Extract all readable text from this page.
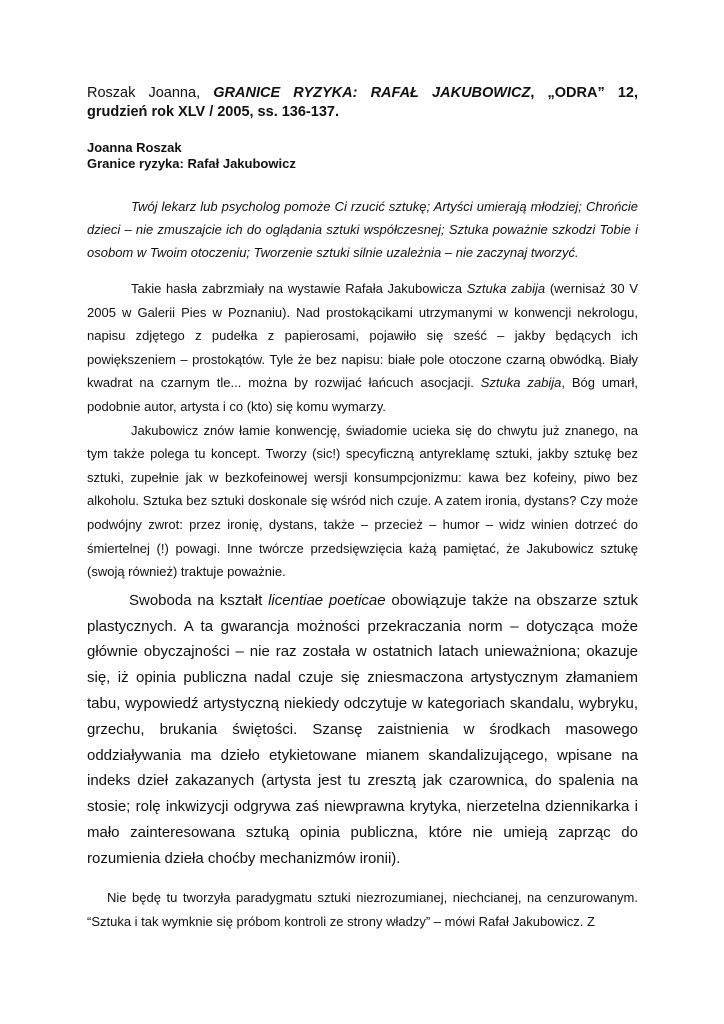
Roszak Joanna, GRANICE RYZYKA: RAFAŁ JAKUBOWICZ, „ODRA” 12, grudzień rok XLV / 2005, ss. 136-137.

Joanna Roszak
Granice ryzyka: Rafał Jakubowicz

Twój lekarz lub psycholog pomoże Ci rzucić sztukę; Artyści umierają młodziej; Chrońcie dzieci – nie zmuszajcie ich do oglądania sztuki współczesnej; Sztuka poważnie szkodzi Tobie i osobom w Twoim otoczeniu; Tworzenie sztuki silnie uzależnia – nie zaczynaj tworzyć.

Takie hasła zabrzmiały na wystawie Rafała Jakubowicza Sztuka zabija (wernisaż 30 V 2005 w Galerii Pies w Poznaniu). Nad prostokącikami utrzymanymi w konwencji nekrologu, napisu zdjętego z pudełka z papierosami, pojawiło się sześć – jakby będących ich powiększeniem – prostokątów. Tyle że bez napisu: białe pole otoczone czarną obwódką. Biały kwadrat na czarnym tle... można by rozwijać łańcuch asocjacji. Sztuka zabija, Bóg umarł, podobnie autor, artysta i co (kto) się komu wymarzy.

Jakubowicz znów łamie konwencję, świadomie ucieka się do chwytu już znanego, na tym także polega tu koncept. Tworzy (sic!) specyficzną antyreklamę sztuki, jakby sztukę bez sztuki, zupełnie jak w bezkofeinowej wersji konsumpcjonizmu: kawa bez kofeiny, piwo bez alkoholu. Sztuka bez sztuki doskonale się wśród nich czuje. A zatem ironia, dystans? Czy może podwójny zwrot: przez ironię, dystans, także – przecież – humor – widz winien dotrzeć do śmiertelnej (!) powagi. Inne twórcze przedsięwzięcia każą pamiętać, że Jakubowicz sztukę (swoją również) traktuje poważnie.

Swoboda na kształt licentiae poeticae obowiązuje także na obszarze sztuk plastycznych. A ta gwarancja możności przekraczania norm – dotycząca może głównie obyczajności – nie raz została w ostatnich latach unieważniona; okazuje się, iż opinia publiczna nadal czuje się zniesmaczona artystycznym złamaniem tabu, wypowiedź artystyczną niekiedy odczytuje w kategoriach skandalu, wybryku, grzechu, brukania świętości. Szansę zaistnienia w środkach masowego oddziaływania ma dzieło etykietowane mianem skandalizującego, wpisane na indeks dzieł zakazanych (artysta jest tu zresztą jak czarownica, do spalenia na stosie; rolę inkwizycji odgrywa zaś niewprawna krytyka, nierzetelna dziennikarka i mało zainteresowana sztuką opinia publiczna, które nie umieją zaprząc do rozumienia dzieła choćby mechanizmów ironii).

Nie będę tu tworzyła paradygmatu sztuki niezrozumianej, niechcianej, na cenzurowanym. “Sztuka i tak wymknie się próbom kontroli ze strony władzy” – mówi Rafał Jakubowicz. Z
